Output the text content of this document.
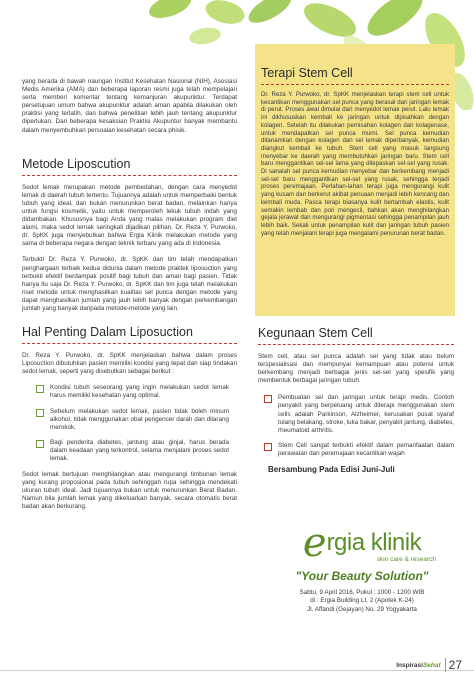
yang berada di bawah naungan Institut Kesehatan Nasional (NIH), Asosiasi Medis Amerika (AMA) dan beberapa laporan resmi juga telah mempelajari serta memberi komentar tentang kemanjuran akupunktur. Terdapat persetujuan umum bahwa akupunktur adalah aman apabila dilakukan oleh praktisi yang terlatih, dan bahwa penelitian lebih jauh tentang akupunktur diperlukan. Dari beberapa kesaksian Praktisi Akupuntur banyak membantu dalam menyembuhkan persoalan kesehatan secara phisik.

Metode Liposcution

Sedot lemak merupakan metode pembedahan, dengan cara menyedot lemak di daerah tubuh tertentu. Tujuannya adalah untuk memperbaiki bentuk tubuh yang ideal, dan bukan menurunkan berat badan, melainkan hanya untuk fungsi kosmetik, yaitu untuk memperoleh lekuk tubuh indah yang didambakan. Khususnya bagi Anda yang malas melakukan program diet alami, maka sedot lemak seringkali dijadikan pilihan. Dr. Reza Y. Purwoko, dr. SpKK juga menyebutkan bahwa Ergia Klinik melakukan metode yang sama di beberapa negara dengan teknik terbaru yang ada di Indonesia.

Terbukti Dr. Reza Y. Purwoko, dr. SpKK dan tim telah mendapatkan penghargaan terbaik kedua didunia dalam metode praktek liposuction yang terbukti efektif berdampak positif bagi tubuh dan aman bagi pasien. Tidak hanya itu saja Dr. Reza Y. Purwoko, dr. SpKK dan tim juga telah melakukan riset metode untuk menghasilkan kualitas sel punca dengan metode yang dapat menghasilkan jumlah yang jauh lebih banyak dengan perkembangan jumlah yang banyak daripada metode-metode yang lain.

Hal Penting Dalam Liposuction

Dr. Reza Y. Purwoko, dr. SpKK menjelaskan bahwa dalam proses Liposuction dibutuhkan pasien memiliki kondisi yang tepat dan siap tindakan sedot lemak, seperti yang disebutkan sebagai berikut :

Kondisi tubuh seseorang yang ingin melakukan sedot lemak harus memiliki kesehatan yang optimal.

Sebelum melakukan sedot lemak, pasien tidak boleh minum alkohol, tidak menggunakan obat pengencer darah dan dilarang merokok.

Bagi penderita diabetes, jantung atau ginjal, harus berada dalam keadaan yang terkontrol, selama menjalani proses sedot lemak.

Sedot lemak bertujuan menghilangkan atau mengurangi timbunan lemak yang kurang proposional pada tubuh sehinggah rupa sehingga mendekati ukuran tubuh ideal. Jadi tujuannya bukan untuk menurunkan Berat Badan. Namun bila jumlah lemak yang dikeluarkan banyak, secara otomatis berat badan akan berkurang.

Terapi Stem Cell

Dr. Reza Y. Purwoko, dr. SpKK menjelaskan terapi stem cell untuk kecantikan menggunakan sel punca yang berasal dari jaringan lemak di perut. Proses awal dimulai dari menyedot lemak perut. Lalu lemak ini dikhususkan kembali ke jaringan untuk dipisahkan dengan kolagen. Setelah itu dilakukan pemisahan kolagen dan kolagenase, untuk mendapatkan sel punca murni. Sel punca kemudian ditanamkan dengan kolagen dan sel lemak diperbanyak, kemudian diangkut kembali ke tubuh. Stem cell yang masuk langsung menyebar ke daerah yang membutuhkan jaringan baru. Stem cell baru menggantikan sel-sel lama yang dilepaskan sel-sel yang rusak. Di sanalah sel punca kemudian menyebar dan berkembang menjadi sel-sel baru menggantikan sel-sel yang rusak, sehingga terjadi proses peremajaan. Perlahan-lahan terapi juga mengurangi kulit yang kusam dan berkerut akibat penuaan menjadi lebih kencang dan kembali muda. Pasca terapi biasanya kulit bertambah elastis, kulit semakin lembab dan pori mengecil, bahkan akan menghilangkan gejala jerawat dan mengurangi pigmentasi sehingga penampilan jauh lebih baik. Sekali untuk penampilan kulit dan jaringan tubuh pasien yang telah menjalani terapi juga mengalami penurunan berat badan.

Kegunaan Stem Cell

Stem cell, atau sel punca adalah sel yang tidak atau belum terspesialisasi dan mempunyai kemampuan atau potensi untuk berkembang menjadi berbagai jenis sel-sel yang spesifik yang membentuk berbagai jaringan tubuh.

Pembuatan sel dan jaringan untuk terapi medis. Contoh penyakit yang berpeluang untuk diterapi menggunakan stem cells adalah Parkinson, Alzheimer, kerusakan pusat syaraf tulang belakang, stroke, luka bakar, penyakit jantung, diabetes, rheumatoid arthritis.

Stem Cell sangat terbukti efektif dalam pemanfaatan dalam perawatan dan peremajaan kecantikan wajah

Bersambung Pada Edisi Juni-Juli
ergia klinik
skin care & research
"Your Beauty Solution"
Sabtu, 9 April 2016, Pukul : 1000 - 1200 WIB
di : Ergia Building Lt. 2 (Apotek K-24)
Jl. Affandi (Gejayan) No. 29 Yogyakarta
InspirasiSehat 27
